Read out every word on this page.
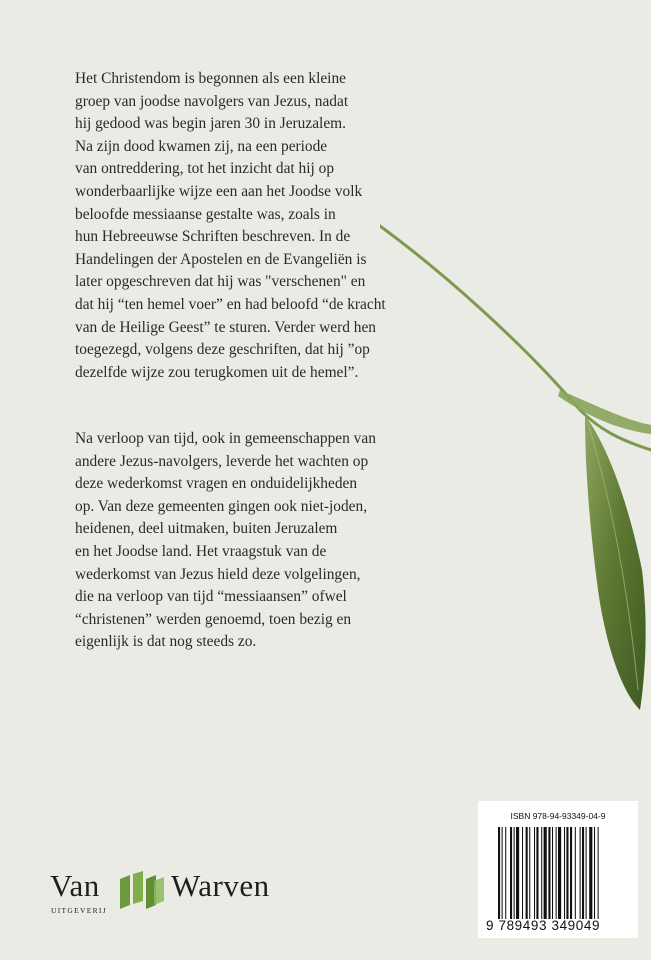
Het Christendom is begonnen als een kleine
groep van joodse navolgers van Jezus, nadat
hij gedood was begin jaren 30 in Jeruzalem.
Na zijn dood kwamen zij, na een periode
van ontreddering, tot het inzicht dat hij op
wonderbaarlijke wijze een aan het Joodse volk
beloofde messiaanse gestalte was, zoals in
hun Hebreeuwse Schriften beschreven. In de
Handelingen der Apostelen en de Evangeliën is
later opgeschreven dat hij was "verschenen" en
dat hij “ten hemel voer” en had beloofd “de kracht
van de Heilige Geest” te sturen. Verder werd hen
toegezegd, volgens deze geschriften, dat hij ”op
dezelfde wijze zou terugkomen uit de hemel”.
Na verloop van tijd, ook in gemeenschappen van
andere Jezus-navolgers, leverde het wachten op
deze wederkomst vragen en onduidelijkheden
op. Van deze gemeenten gingen ook niet-joden,
heidenen, deel uitmaken, buiten Jeruzalem
en het Joodse land. Het vraagstuk van de
wederkomst van Jezus hield deze volgelingen,
die na verloop van tijd “messiaansen” ofwel
“christenen” werden genoemd, toen bezig en
eigenlijk is dat nog steeds zo.
Van Warven
UITGEVERIJ
ISBN 978-94-93349-04-9
9 789493 349049
